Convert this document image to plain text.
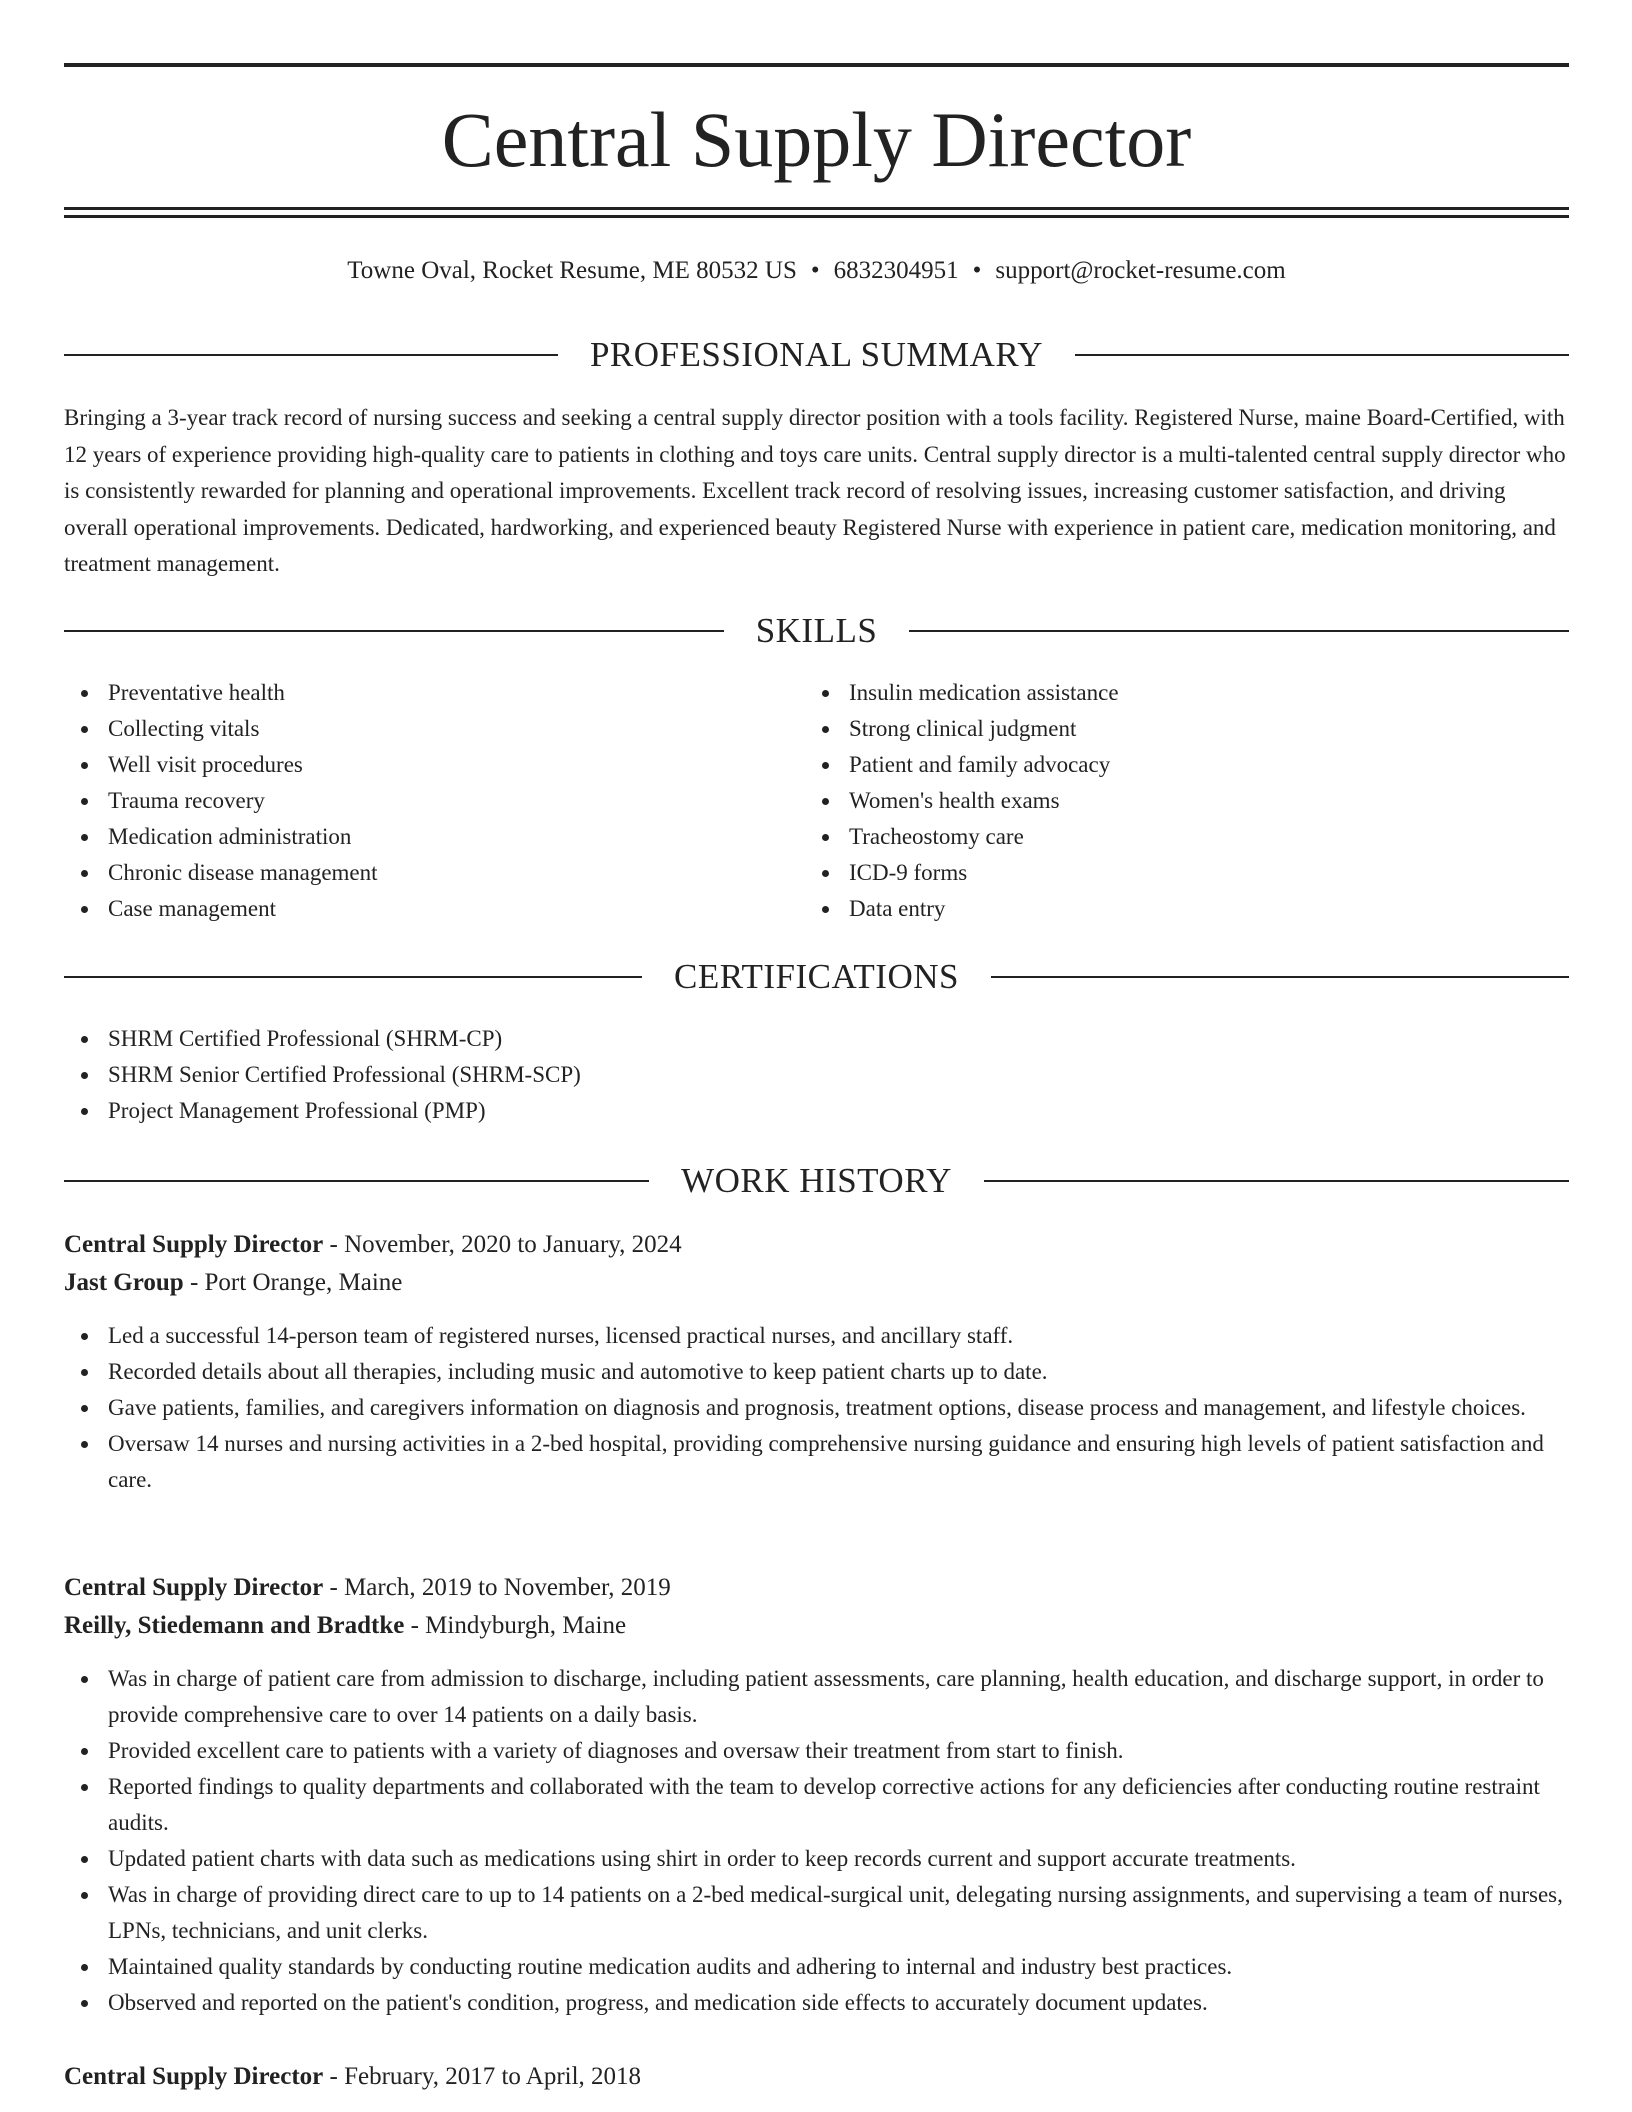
Central Supply Director
Towne Oval, Rocket Resume, ME 80532 US • 6832304951 • support@rocket-resume.com
PROFESSIONAL SUMMARY

Bringing a 3-year track record of nursing success and seeking a central supply director position with a tools facility. Registered Nurse, maine Board-Certified, with 12 years of experience providing high-quality care to patients in clothing and toys care units. Central supply director is a multi-talented central supply director who is consistently rewarded for planning and operational improvements. Excellent track record of resolving issues, increasing customer satisfaction, and driving overall operational improvements. Dedicated, hardworking, and experienced beauty Registered Nurse with experience in patient care, medication monitoring, and treatment management.

SKILLS
Preventative health
Collecting vitals
Well visit procedures
Trauma recovery
Medication administration
Chronic disease management
Case management
Insulin medication assistance
Strong clinical judgment
Patient and family advocacy
Women's health exams
Tracheostomy care
ICD-9 forms
Data entry
CERTIFICATIONS
SHRM Certified Professional (SHRM-CP)
SHRM Senior Certified Professional (SHRM-SCP)
Project Management Professional (PMP)
WORK HISTORY

Central Supply Director - November, 2020 to January, 2024

Jast Group - Port Orange, Maine

Led a successful 14-person team of registered nurses, licensed practical nurses, and ancillary staff.
Recorded details about all therapies, including music and automotive to keep patient charts up to date.
Gave patients, families, and caregivers information on diagnosis and prognosis, treatment options, disease process and management, and lifestyle choices.
Oversaw 14 nurses and nursing activities in a 2-bed hospital, providing comprehensive nursing guidance and ensuring high levels of patient satisfaction and care.

Central Supply Director - March, 2019 to November, 2019

Reilly, Stiedemann and Bradtke - Mindyburgh, Maine

Was in charge of patient care from admission to discharge, including patient assessments, care planning, health education, and discharge support, in order to provide comprehensive care to over 14 patients on a daily basis.
Provided excellent care to patients with a variety of diagnoses and oversaw their treatment from start to finish.
Reported findings to quality departments and collaborated with the team to develop corrective actions for any deficiencies after conducting routine restraint audits.
Updated patient charts with data such as medications using shirt in order to keep records current and support accurate treatments.
Was in charge of providing direct care to up to 14 patients on a 2-bed medical-surgical unit, delegating nursing assignments, and supervising a team of nurses, LPNs, technicians, and unit clerks.
Maintained quality standards by conducting routine medication audits and adhering to internal and industry best practices.
Observed and reported on the patient's condition, progress, and medication side effects to accurately document updates.

Central Supply Director - February, 2017 to April, 2018
